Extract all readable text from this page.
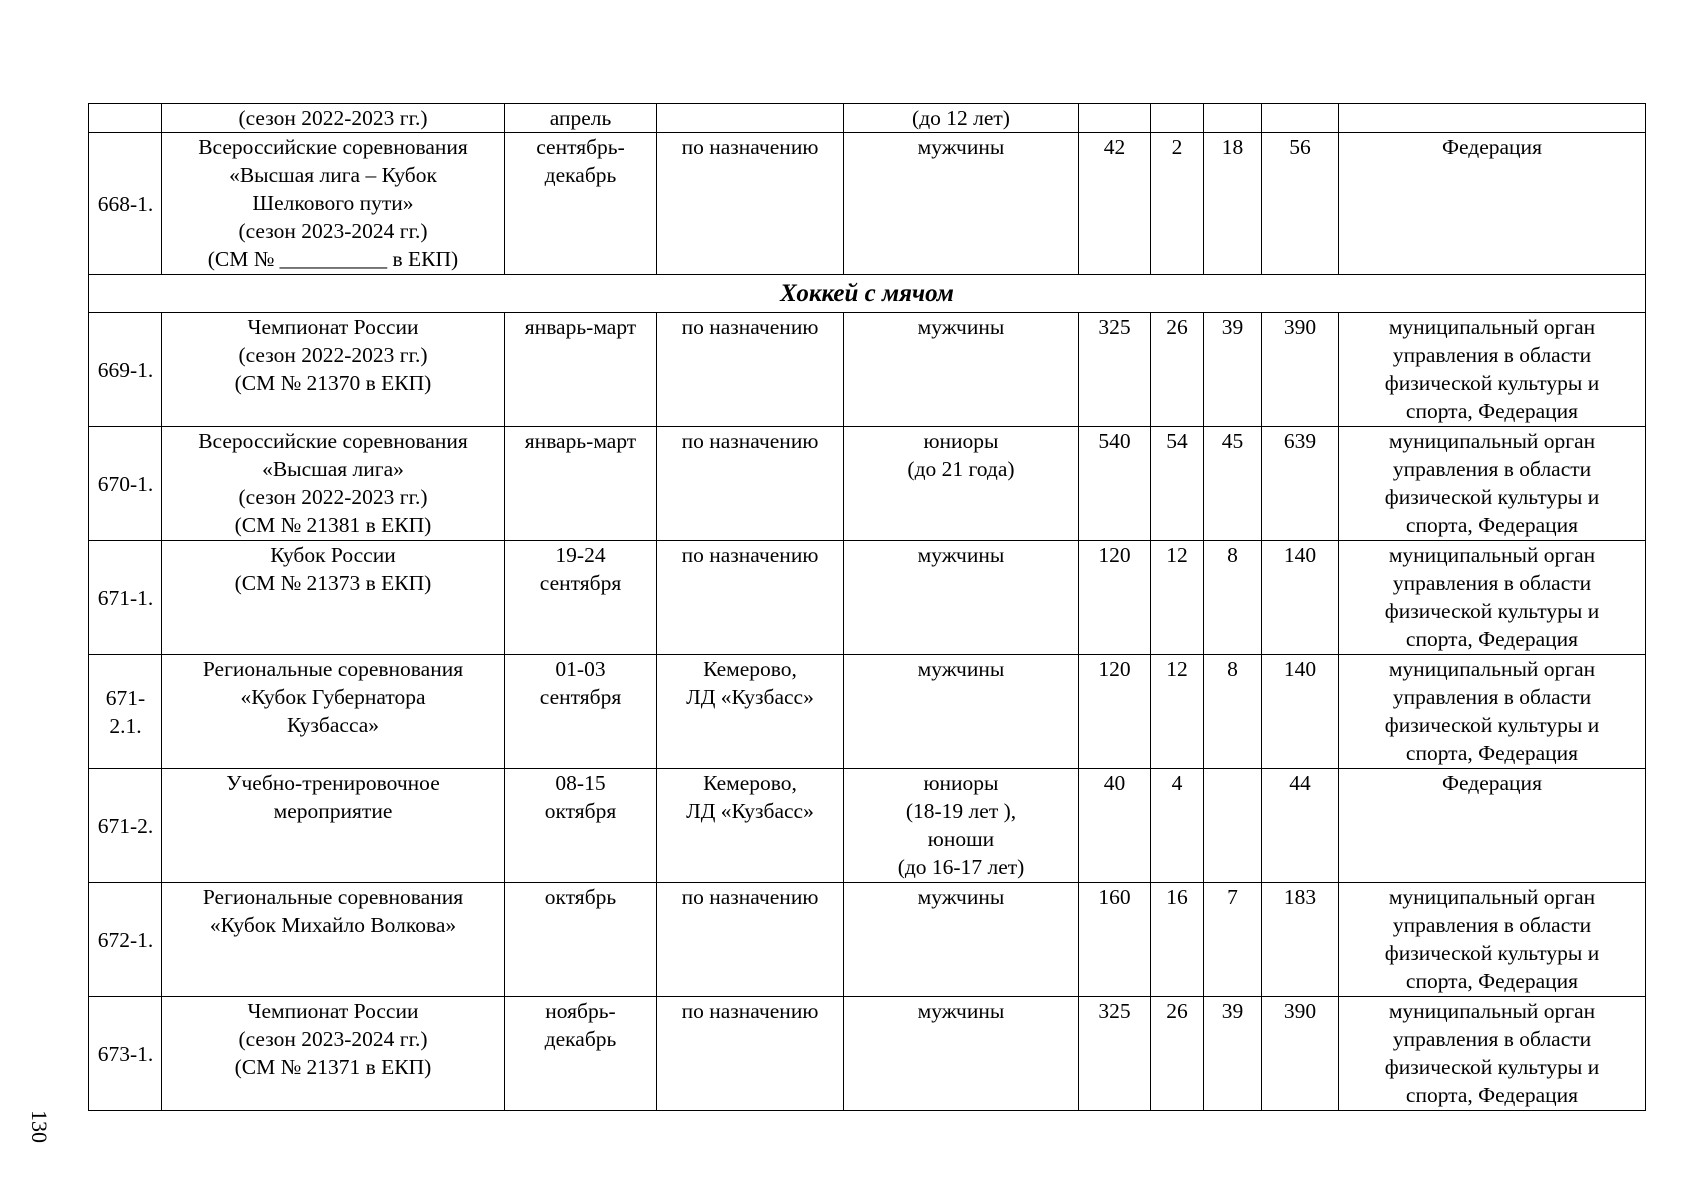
	(сезон 2022-2023 гг.)	апрель		(до 12 лет)					

668-1.	Всероссийские соревнования
«Высшая лига – Кубок
Шелкового пути»
(сезон 2023-2024 гг.)
(СМ № __________ в ЕКП)	сентябрь-
декабрь	по назначению	мужчины	42	2	18	56	Федерация

Хоккей с мячом									
669-1.	Чемпионат России
(сезон 2022-2023 гг.)
(СМ № 21370 в ЕКП)	январь-март	по назначению	мужчины	325	26	39	390	муниципальный орган
управления в области
физической культуры и
спорта, Федерация

670-1.	Всероссийские соревнования
«Высшая лига»
(сезон 2022-2023 гг.)
(СМ № 21381 в ЕКП)	январь-март	по назначению	юниоры
(до 21 года)	540	54	45	639	муниципальный орган
управления в области
физической культуры и
спорта, Федерация

671-1.	Кубок России
(СМ № 21373 в ЕКП)	19-24
сентября	по назначению	мужчины	120	12	8	140	муниципальный орган
управления в области
физической культуры и
спорта, Федерация

671-
2.1.	Региональные соревнования
«Кубок Губернатора
Кузбасса»	01-03
сентября	Кемерово,
ЛД «Кузбасс»	мужчины	120	12	8	140	муниципальный орган
управления в области
физической культуры и
спорта, Федерация

671-2.	Учебно-тренировочное
мероприятие	08-15
октября	Кемерово,
ЛД «Кузбасс»	юниоры
(18-19 лет ),
юноши
(до 16-17 лет)	40	4		44	Федерация

672-1.	Региональные соревнования
«Кубок Михайло Волкова»	октябрь	по назначению	мужчины	160	16	7	183	муниципальный орган
управления в области
физической культуры и
спорта, Федерация

673-1.	Чемпионат России
(сезон 2023-2024 гг.)
(СМ № 21371 в ЕКП)	ноябрь-
декабрь	по назначению	мужчины	325	26	39	390	муниципальный орган
управления в области
физической культуры и
спорта, Федерация
130
